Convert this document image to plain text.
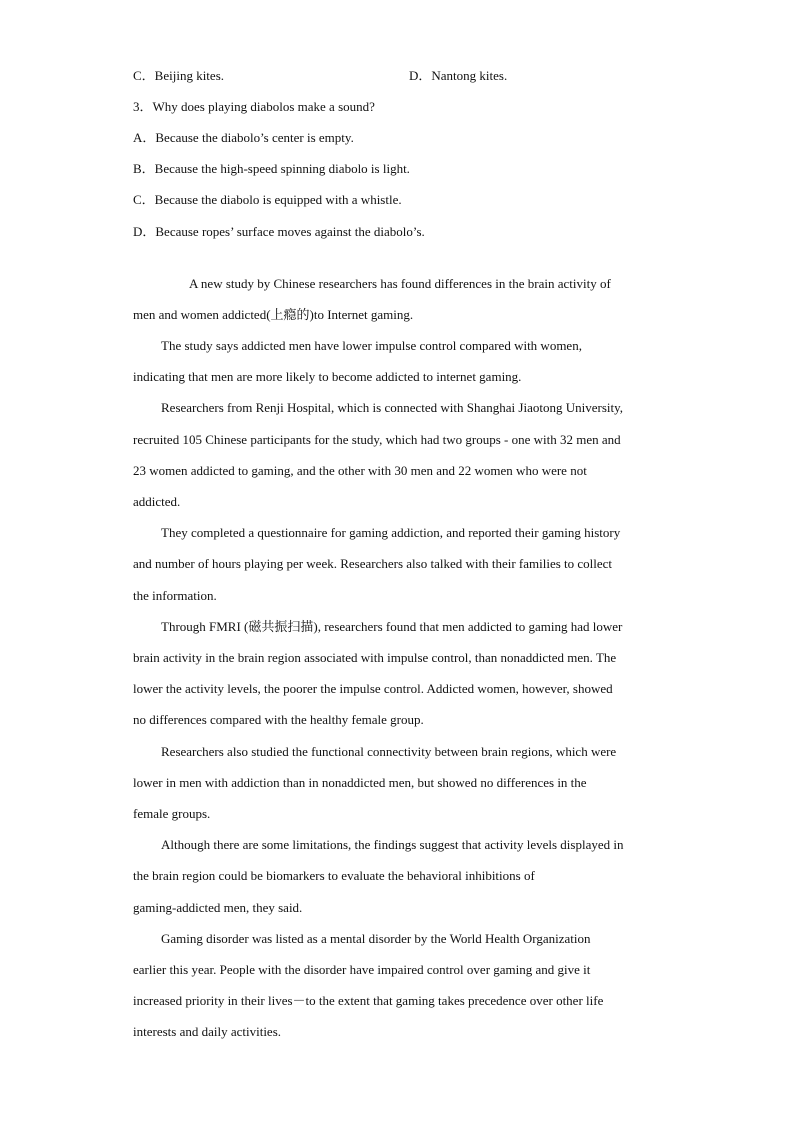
C．Beijing kites.	D．Nantong kites.
3．Why does playing diabolos make a sound?
A．Because the diabolo’s center is empty.
B．Because the high-speed spinning diabolo is light.
C．Because the diabolo is equipped with a whistle.
D．Because ropes’ surface moves against the diabolo’s.
A new study by Chinese researchers has found differences in the brain activity of
men and women addicted(上瘾的)to Internet gaming.
The study says addicted men have lower impulse control compared with women,
indicating that men are more likely to become addicted to internet gaming.
Researchers from Renji Hospital, which is connected with Shanghai Jiaotong University,
recruited 105 Chinese participants for the study, which had two groups - one with 32 men and
23 women addicted to gaming, and the other with 30 men and 22 women who were not
addicted.
They completed a questionnaire for gaming addiction, and reported their gaming history
and number of hours playing per week. Researchers also talked with their families to collect
the information.
Through FMRI (磁共振扫描), researchers found that men addicted to gaming had lower
brain activity in the brain region associated with impulse control, than nonaddicted men. The
lower the activity levels, the poorer the impulse control. Addicted women, however, showed
no differences compared with the healthy female group.
Researchers also studied the functional connectivity between brain regions, which were
lower in men with addiction than in nonaddicted men, but showed no differences in the
female groups.
Although there are some limitations, the findings suggest that activity levels displayed in
the brain region could be biomarkers to evaluate the behavioral inhibitions of
gaming-addicted men, they said.
Gaming disorder was listed as a mental disorder by the World Health Organization
earlier this year. People with the disorder have impaired control over gaming and give it
increased priority in their lives－to the extent that gaming takes precedence over other life
interests and daily activities.
